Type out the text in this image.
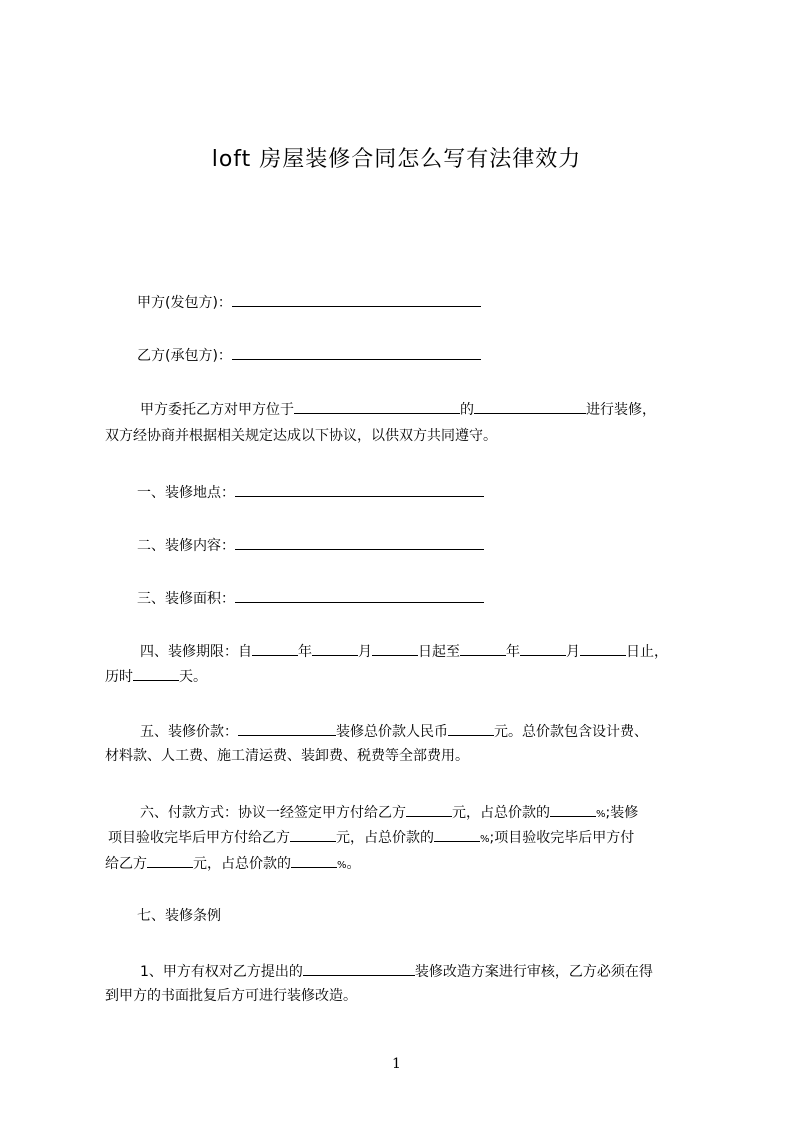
loft 房屋装修合同怎么写有法律效力
甲方(发包方)：
乙方(承包方)：
甲方委托乙方对甲方位于	的	进行装修，
双方经协商并根据相关规定达成以下协议，以供双方共同遵守。
一、装修地点：
二、装修内容：
三、装修面积：
四、装修期限：自	年	月	日起至	年	月	日止，
历时	天。
五、装修价款：	装修总价款人民币	元。总价款包含设计费、
材料款、人工费、施工清运费、装卸费、税费等全部费用。
六、付款方式：协议一经签定甲方付给乙方	元，占总价款的	%;装修
项目验收完毕后甲方付给乙方	元，占总价款的	%;项目验收完毕后甲方付
给乙方	元，占总价款的	%。
七、装修条例
1、甲方有权对乙方提出的	装修改造方案进行审核，乙方必须在得
到甲方的书面批复后方可进行装修改造。
1
